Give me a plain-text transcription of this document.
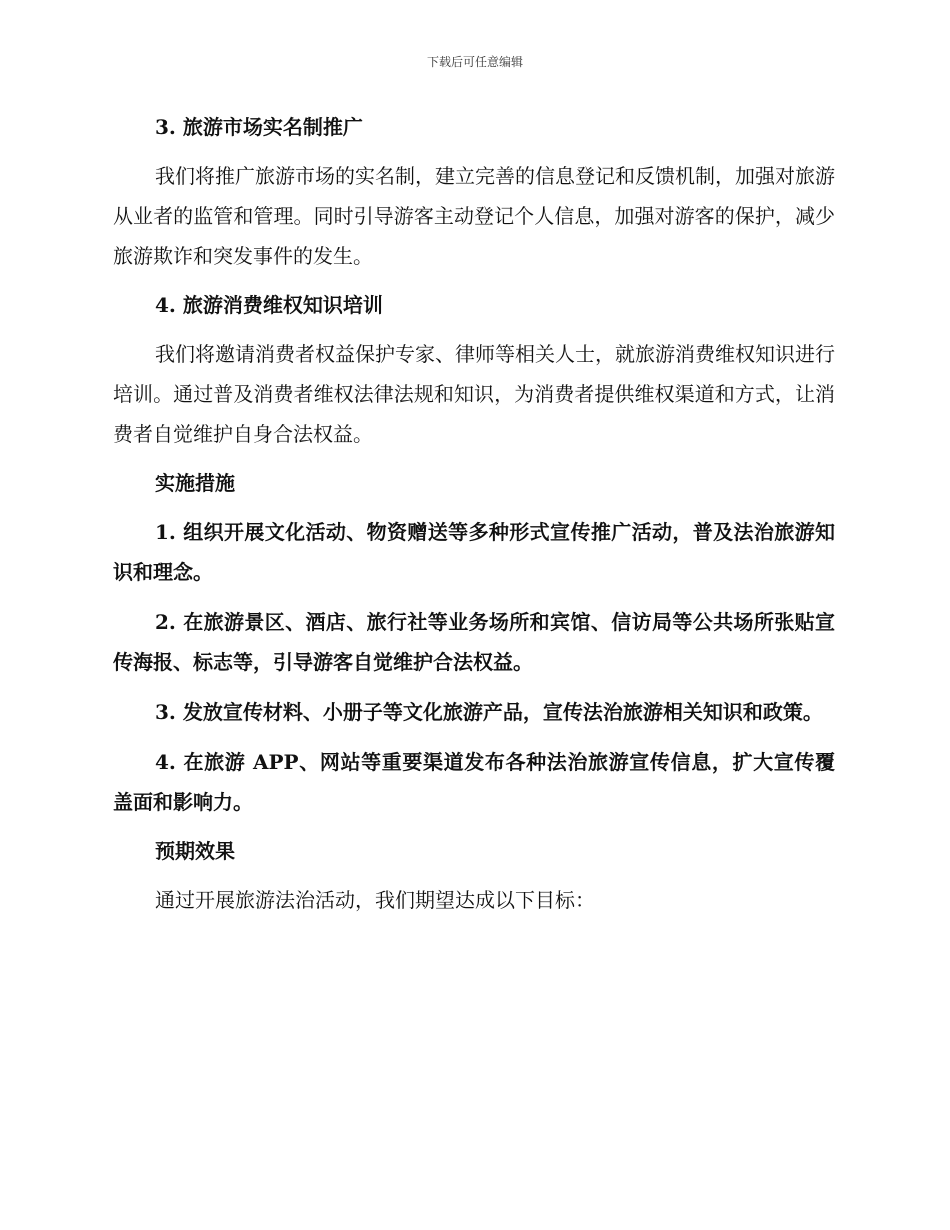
下载后可任意编辑
3. 旅游市场实名制推广

我们将推广旅游市场的实名制，建立完善的信息登记和反馈机制，加强对旅游从业者的监管和管理。同时引导游客主动登记个人信息，加强对游客的保护，减少旅游欺诈和突发事件的发生。

4. 旅游消费维权知识培训

我们将邀请消费者权益保护专家、律师等相关人士，就旅游消费维权知识进行培训。通过普及消费者维权法律法规和知识，为消费者提供维权渠道和方式，让消费者自觉维护自身合法权益。

实施措施

1. 组织开展文化活动、物资赠送等多种形式宣传推广活动，普及法治旅游知识和理念。

2. 在旅游景区、酒店、旅行社等业务场所和宾馆、信访局等公共场所张贴宣传海报、标志等，引导游客自觉维护合法权益。

3. 发放宣传材料、小册子等文化旅游产品，宣传法治旅游相关知识和政策。

4. 在旅游 APP、网站等重要渠道发布各种法治旅游宣传信息，扩大宣传覆盖面和影响力。

预期效果

通过开展旅游法治活动，我们期望达成以下目标：
